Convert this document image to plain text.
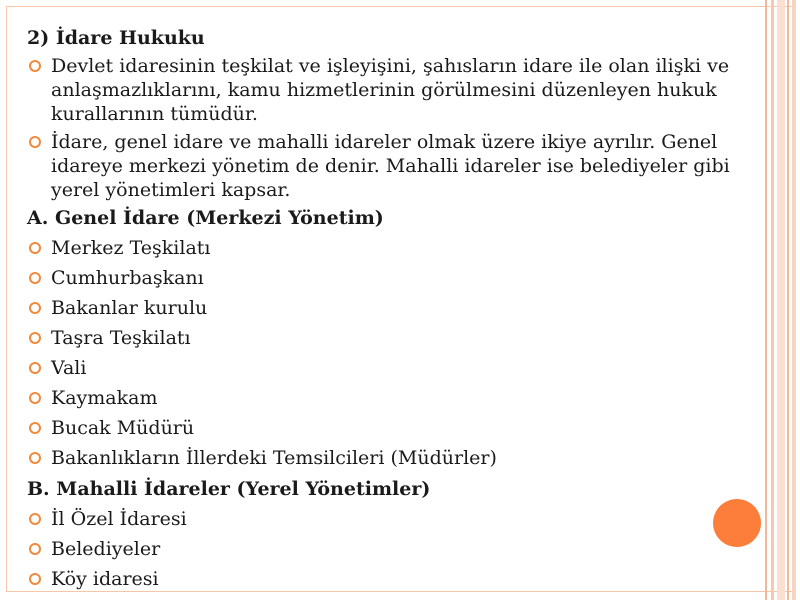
2) İdare Hukuku
Devlet idaresinin teşkilat ve işleyişini, şahısların idare ile olan ilişki ve anlaşmazlıklarını, kamu hizmetlerinin görülmesini düzenleyen hukuk kurallarının tümüdür.
İdare, genel idare ve mahalli idareler olmak üzere ikiye ayrılır. Genel idareye merkezi yönetim de denir. Mahalli idareler ise belediyeler gibi yerel yönetimleri kapsar.
A. Genel İdare (Merkezi Yönetim)
Merkez Teşkilatı
Cumhurbaşkanı
Bakanlar kurulu
Taşra Teşkilatı
Vali
Kaymakam
Bucak Müdürü
Bakanlıkların İllerdeki Temsilcileri (Müdürler)
B. Mahalli İdareler (Yerel Yönetimler)
İl Özel İdaresi
Belediyeler
Köy idaresi
